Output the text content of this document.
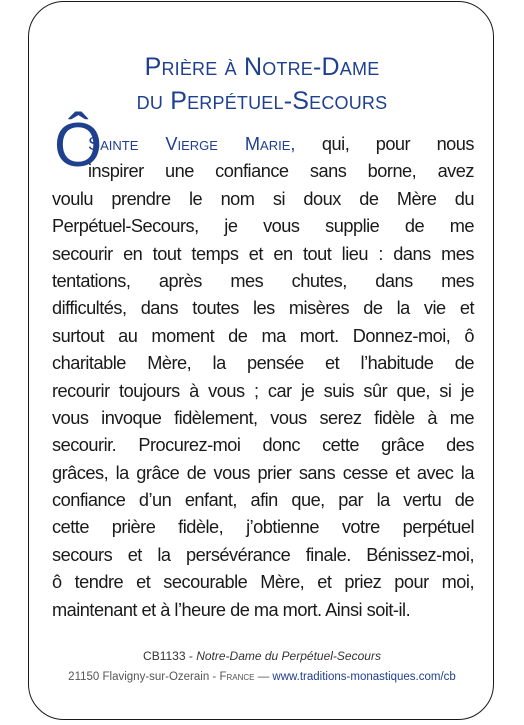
Prière à Notre-Dame
du Perpétuel-Secours
Ô
Sainte Vierge Marie, qui, pour nous
inspirer une confiance sans borne, avez
voulu prendre le nom si doux de Mère du
Perpétuel-Secours, je vous supplie de me
secourir en tout temps et en tout lieu : dans mes
tentations, après mes chutes, dans mes
difficultés, dans toutes les misères de la vie et
surtout au moment de ma mort. Donnez-moi, ô
charitable Mère, la pensée et l’habitude de
recourir toujours à vous ; car je suis sûr que, si je
vous invoque fidèlement, vous serez fidèle à me
secourir. Procurez-moi donc cette grâce des
grâces, la grâce de vous prier sans cesse et avec la
confiance d’un enfant, afin que, par la vertu de
cette prière fidèle, j’obtienne votre perpétuel
secours et la persévérance finale. Bénissez-moi,
ô tendre et secourable Mère, et priez pour moi,
maintenant et à l’heure de ma mort. Ainsi soit-il.
CB1133 - Notre-Dame du Perpétuel-Secours
21150 Flavigny-sur-Ozerain - France — www.traditions-monastiques.com/cb
